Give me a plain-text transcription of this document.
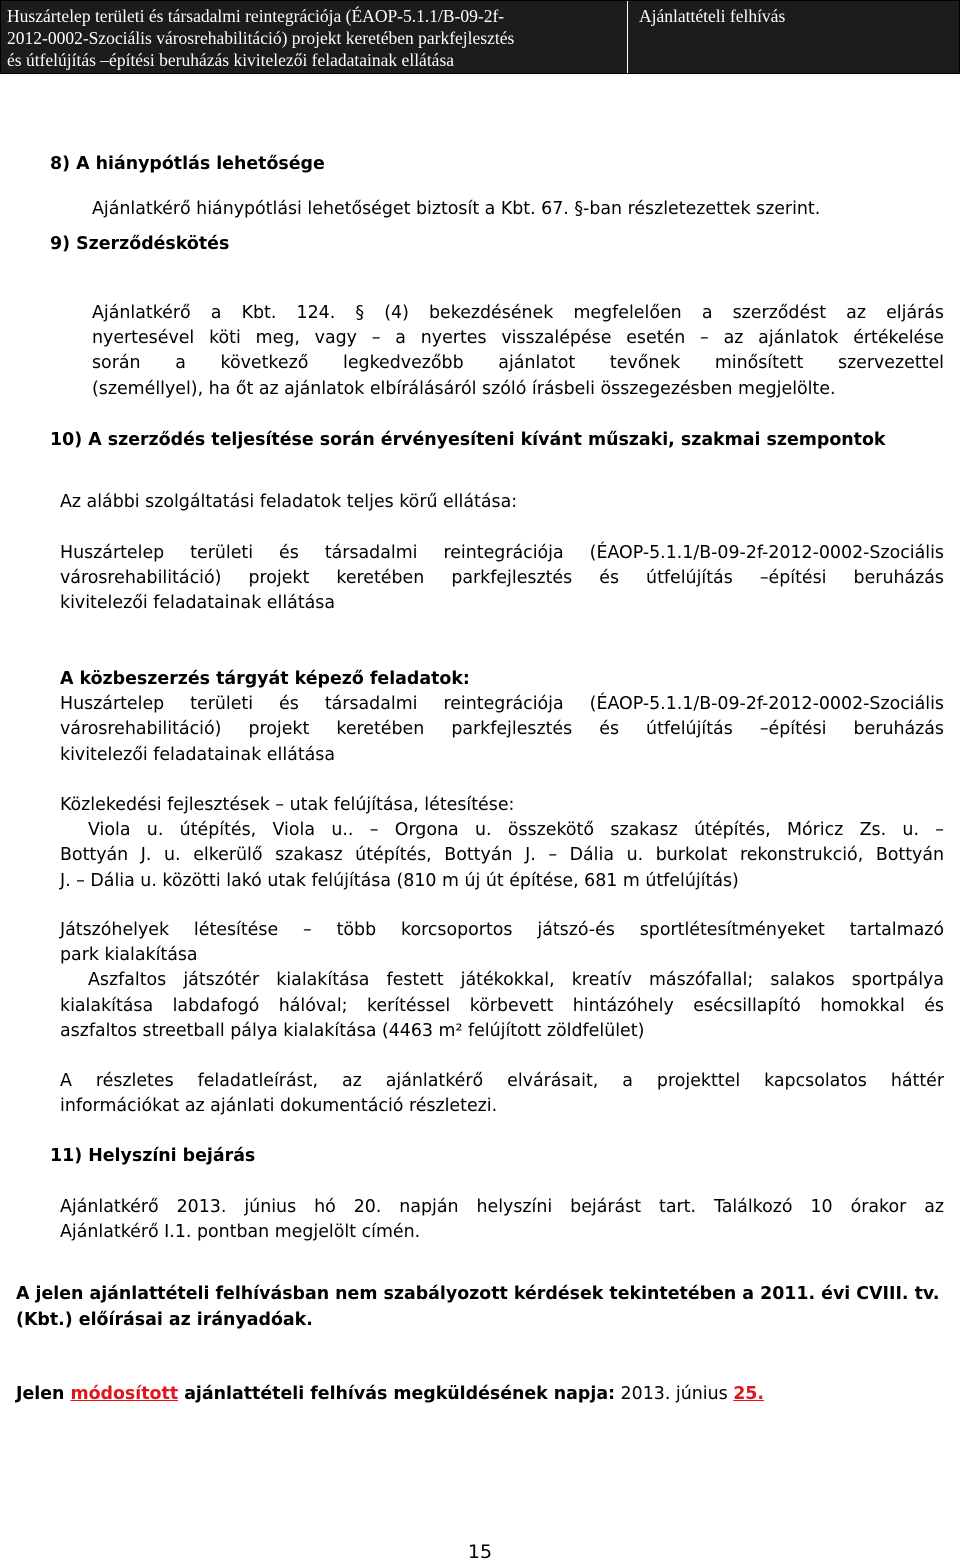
Huszártelep területi és társadalmi reintegrációja (ÉAOP-5.1.1/B-09-2f-
2012-0002-Szociális városrehabilitáció) projekt keretében parkfejlesztés
és útfelújítás –építési beruházás kivitelezői feladatainak ellátása
Ajánlattételi felhívás
8) A hiánypótlás lehetősége
Ajánlatkérő hiánypótlási lehetőséget biztosít a Kbt. 67. §-ban részletezettek szerint.
9) Szerződéskötés
Ajánlatkérő a Kbt. 124. § (4) bekezdésének megfelelően a szerződést az eljárás
nyertesével köti meg, vagy – a nyertes visszalépése esetén – az ajánlatok értékelése
során a következő legkedvezőbb ajánlatot tevőnek minősített szervezettel
(személlyel), ha őt az ajánlatok elbírálásáról szóló írásbeli összegezésben megjelölte.
10) A szerződés teljesítése során érvényesíteni kívánt műszaki, szakmai szempontok
Az alábbi szolgáltatási feladatok teljes körű ellátása:
Huszártelep területi és társadalmi reintegrációja (ÉAOP-5.1.1/B-09-2f-2012-0002-Szociális
városrehabilitáció) projekt keretében parkfejlesztés és útfelújítás –építési beruházás
kivitelezői feladatainak ellátása
A közbeszerzés tárgyát képező feladatok:
Huszártelep területi és társadalmi reintegrációja (ÉAOP-5.1.1/B-09-2f-2012-0002-Szociális
városrehabilitáció) projekt keretében parkfejlesztés és útfelújítás –építési beruházás
kivitelezői feladatainak ellátása
Közlekedési fejlesztések – utak felújítása, létesítése:
Viola u. útépítés, Viola u.. – Orgona u. összekötő szakasz útépítés, Móricz Zs. u. –
Bottyán J. u. elkerülő szakasz útépítés, Bottyán J. – Dália u. burkolat rekonstrukció, Bottyán
J. – Dália u. közötti lakó utak felújítása (810 m új út építése, 681 m útfelújítás)
Játszóhelyek létesítése – több korcsoportos játszó-és sportlétesítményeket tartalmazó
park kialakítása
Aszfaltos játszótér kialakítása festett játékokkal, kreatív mászófallal; salakos sportpálya
kialakítása labdafogó hálóval; kerítéssel körbevett hintázóhely esécsillapító homokkal és
aszfaltos streetball pálya kialakítása (4463 m² felújított zöldfelület)
A részletes feladatleírást, az ajánlatkérő elvárásait, a projekttel kapcsolatos háttér
információkat az ajánlati dokumentáció részletezi.
11) Helyszíni bejárás
Ajánlatkérő 2013. június hó 20. napján helyszíni bejárást tart. Találkozó 10 órakor az
Ajánlatkérő I.1. pontban megjelölt címén.
A jelen ajánlattételi felhívásban nem szabályozott kérdések tekintetében a 2011. évi CVIII. tv.
(Kbt.) előírásai az irányadóak.
Jelen módosított ajánlattételi felhívás megküldésének napja: 2013. június 25.
15
